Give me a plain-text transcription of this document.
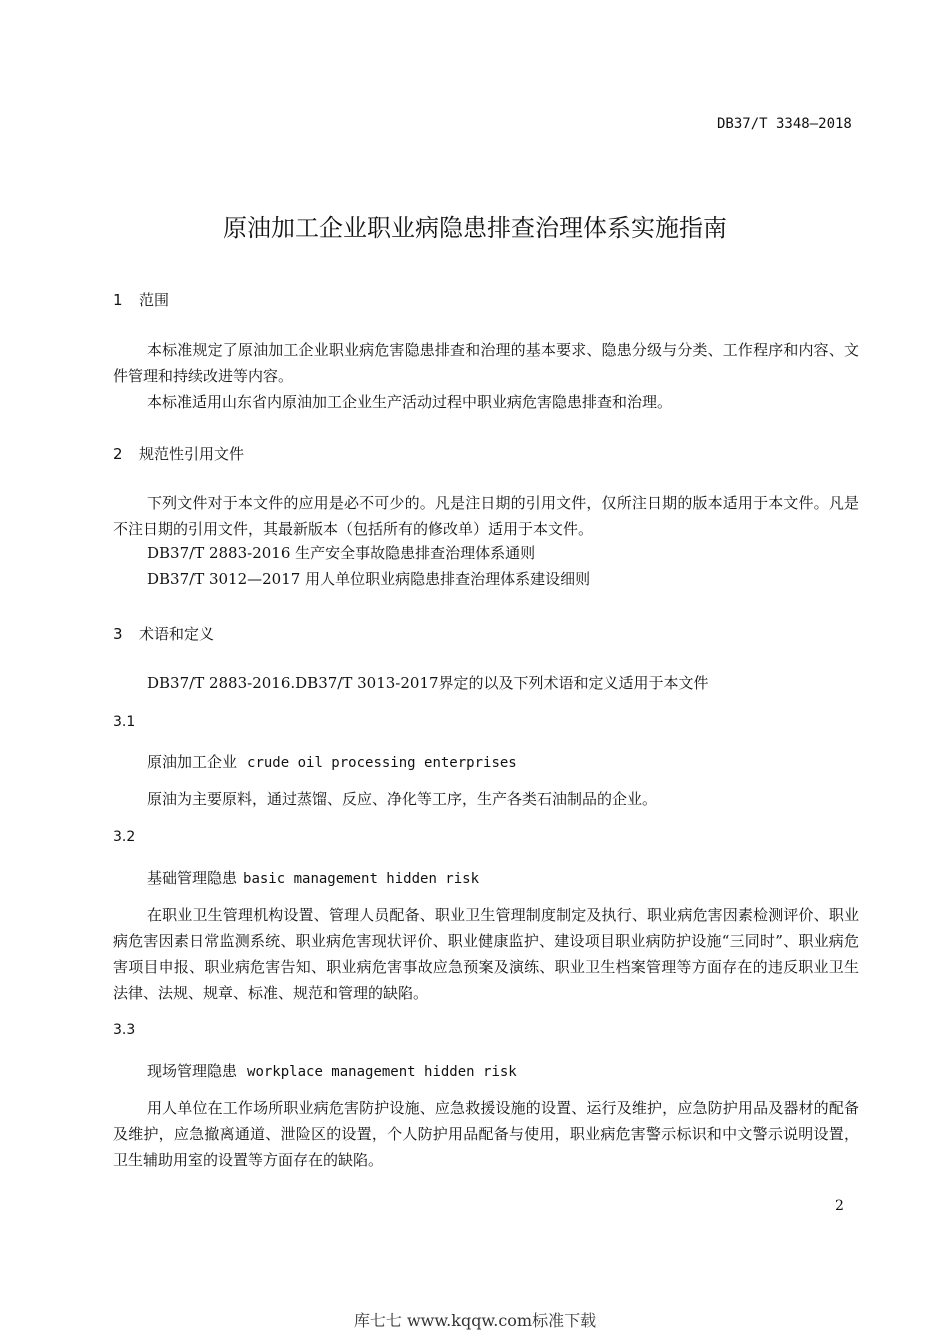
DB37/T 3348—2018
原油加工企业职业病隐患排查治理体系实施指南
1 范围
本标准规定了原油加工企业职业病危害隐患排查和治理的基本要求、隐患分级与分类、工作程序和内容、文件管理和持续改进等内容。
本标准适用山东省内原油加工企业生产活动过程中职业病危害隐患排查和治理。
2 规范性引用文件
下列文件对于本文件的应用是必不可少的。凡是注日期的引用文件，仅所注日期的版本适用于本文件。凡是不注日期的引用文件，其最新版本（包括所有的修改单）适用于本文件。
DB37/T 2883-2016 生产安全事故隐患排查治理体系通则
DB37/T 3012—2017 用人单位职业病隐患排查治理体系建设细则
3 术语和定义
DB37/T 2883-2016.DB37/T 3013-2017界定的以及下列术语和定义适用于本文件
3.1
原油加工企业 crude oil processing enterprises
原油为主要原料，通过蒸馏、反应、净化等工序，生产各类石油制品的企业。
3.2
基础管理隐患 basic management hidden risk
在职业卫生管理机构设置、管理人员配备、职业卫生管理制度制定及执行、职业病危害因素检测评价、职业病危害因素日常监测系统、职业病危害现状评价、职业健康监护、建设项目职业病防护设施“三同时”、职业病危害项目申报、职业病危害告知、职业病危害事故应急预案及演练、职业卫生档案管理等方面存在的违反职业卫生法律、法规、规章、标准、规范和管理的缺陷。
3.3
现场管理隐患 workplace management hidden risk
用人单位在工作场所职业病危害防护设施、应急救援设施的设置、运行及维护，应急防护用品及器材的配备及维护，应急撤离通道、泄险区的设置，个人防护用品配备与使用，职业病危害警示标识和中文警示说明设置，卫生辅助用室的设置等方面存在的缺陷。
2
库七七 www.kqqw.com标准下载
